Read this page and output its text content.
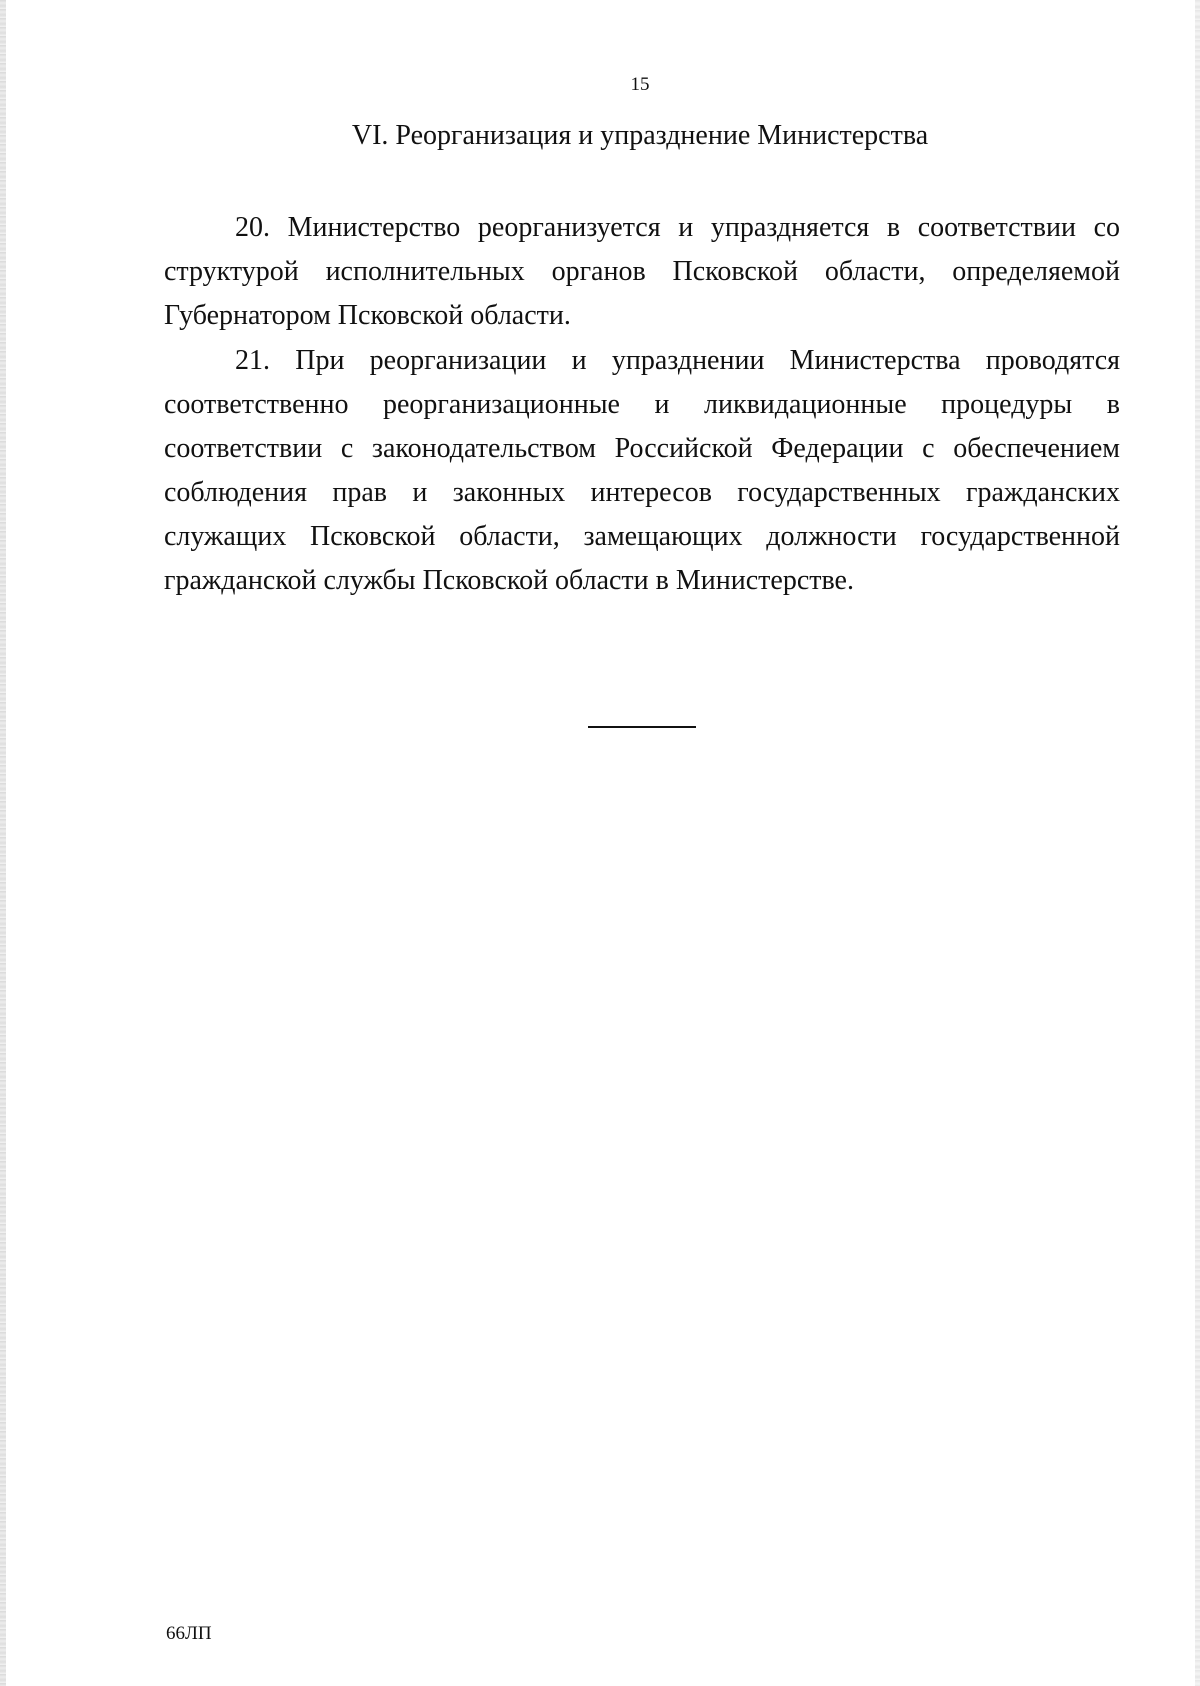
15
VI. Реорганизация и упразднение Министерства

20. Министерство реорганизуется и упраздняется в соответствии со структурой исполнительных органов Псковской области, определяемой Губернатором Псковской области.

21. При реорганизации и упразднении Министерства проводятся соответственно реорганизационные и ликвидационные процедуры в соответствии с законодательством Российской Федерации с обеспечением соблюдения прав и законных интересов государственных гражданских служащих Псковской области, замещающих должности государственной гражданской службы Псковской области в Министерстве.

66ЛП
